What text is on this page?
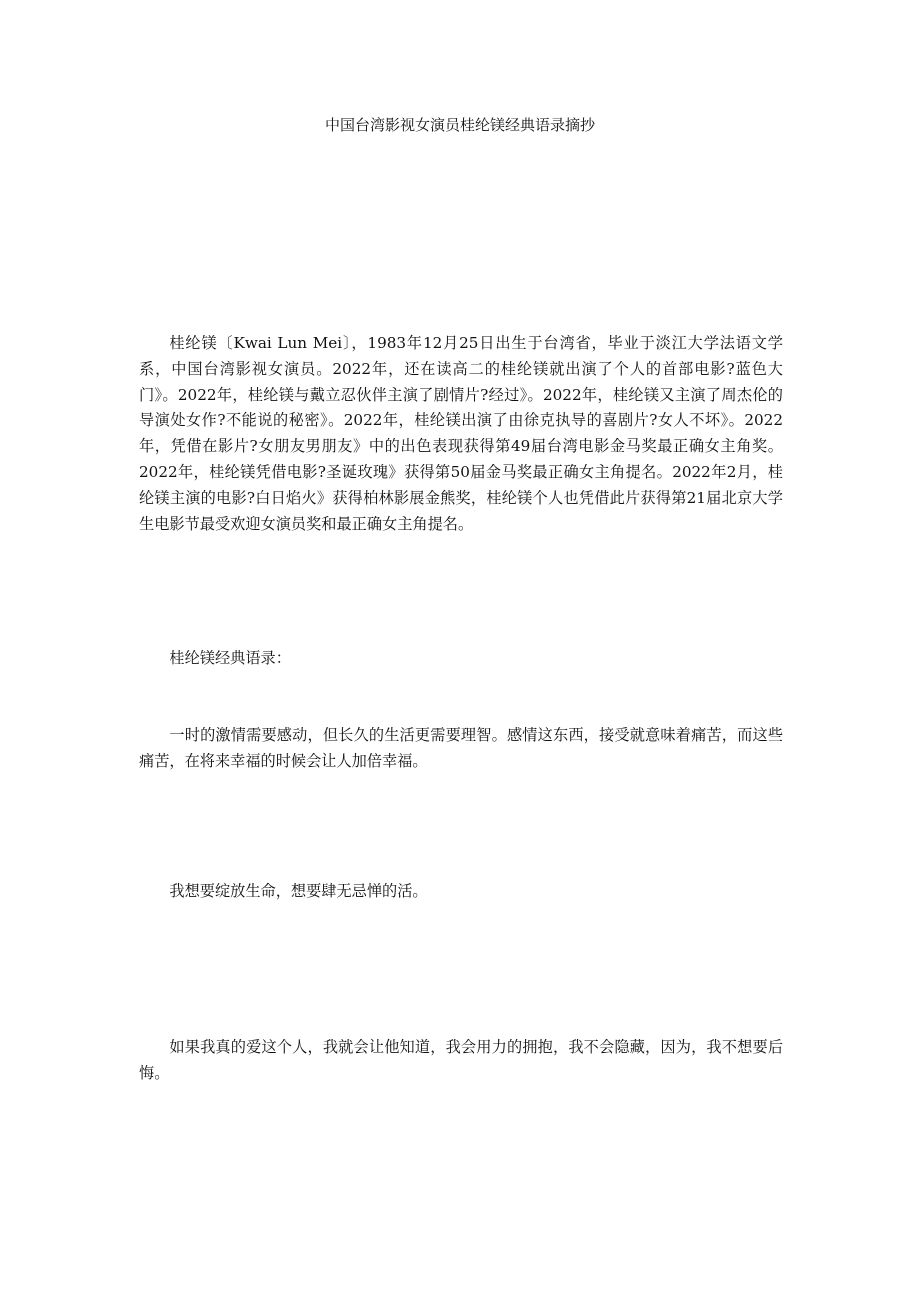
中国台湾影视女演员桂纶镁经典语录摘抄

桂纶镁〔Kwai Lun Mei〕，1983年12月25日出生于台湾省，毕业于淡江大学法语文学系，中国台湾影视女演员。2022年，还在读高二的桂纶镁就出演了个人的首部电影?蓝色大门》。2022年，桂纶镁与戴立忍伙伴主演了剧情片?经过》。2022年，桂纶镁又主演了周杰伦的导演处女作?不能说的秘密》。2022年，桂纶镁出演了由徐克执导的喜剧片?女人不坏》。2022年，凭借在影片?女朋友男朋友》中的出色表现获得第49届台湾电影金马奖最正确女主角奖。2022年，桂纶镁凭借电影?圣诞玫瑰》获得第50届金马奖最正确女主角提名。2022年2月，桂纶镁主演的电影?白日焰火》获得柏林影展金熊奖，桂纶镁个人也凭借此片获得第21届北京大学生电影节最受欢迎女演员奖和最正确女主角提名。

桂纶镁经典语录：

一时的激情需要感动，但长久的生活更需要理智。感情这东西，接受就意味着痛苦，而这些痛苦，在将来幸福的时候会让人加倍幸福。

我想要绽放生命，想要肆无忌惮的活。

如果我真的爱这个人，我就会让他知道，我会用力的拥抱，我不会隐藏，因为，我不想要后悔。
